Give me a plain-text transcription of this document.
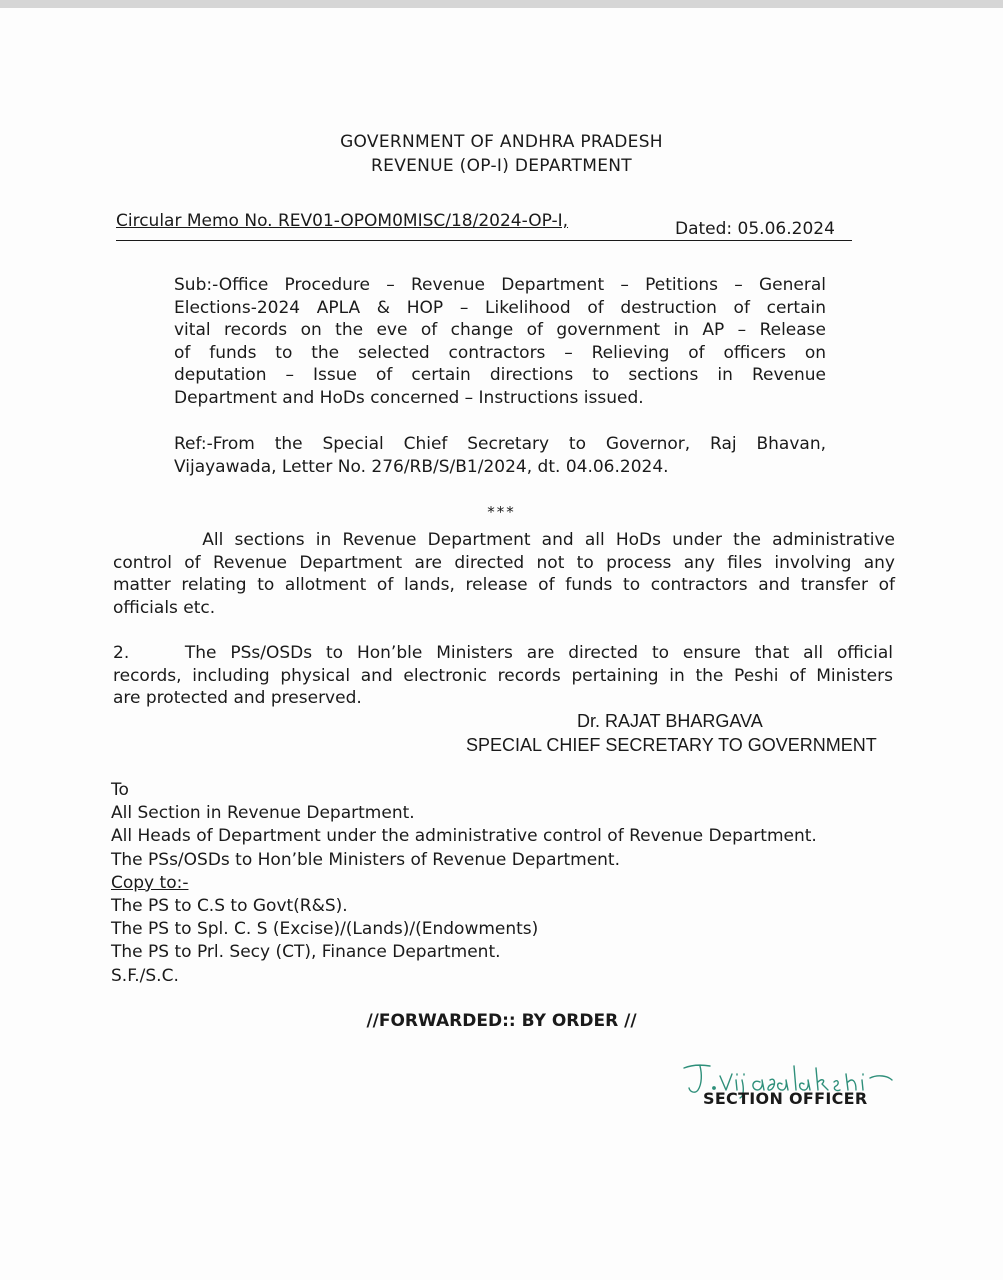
GOVERNMENT OF ANDHRA PRADESH
REVENUE (OP-I) DEPARTMENT
Circular Memo No. REV01-OPOM0MISC/18/2024-OP-I,	Dated: 05.06.2024
Sub:-Office Procedure – Revenue Department – Petitions – General
Elections-2024 APLA & HOP – Likelihood of destruction of certain
vital records on the eve of change of government in AP – Release
of funds to the selected contractors – Relieving of officers on
deputation – Issue of certain directions to sections in Revenue
Department and HoDs concerned – Instructions issued.
Ref:-From the Special Chief Secretary to Governor, Raj Bhavan,
Vijayawada, Letter No. 276/RB/S/B1/2024, dt. 04.06.2024.
***
All sections in Revenue Department and all HoDs under the administrative
control of Revenue Department are directed not to process any files involving any
matter relating to allotment of lands, release of funds to contractors and transfer of
officials etc.
2.    The PSs/OSDs to Hon’ble Ministers are directed to ensure that all official
records, including physical and electronic records pertaining in the Peshi of Ministers
are protected and preserved.
Dr. RAJAT BHARGAVA
SPECIAL CHIEF SECRETARY TO GOVERNMENT
To
All Section in Revenue Department.
All Heads of Department under the administrative control of Revenue Department.
The PSs/OSDs to Hon’ble Ministers of Revenue Department.
Copy to:-
The PS to C.S to Govt(R&S).
The PS to Spl. C. S (Excise)/(Lands)/(Endowments)
The PS to Prl. Secy (CT), Finance Department.
S.F./S.C.
//FORWARDED:: BY ORDER //
SECTION OFFICER
